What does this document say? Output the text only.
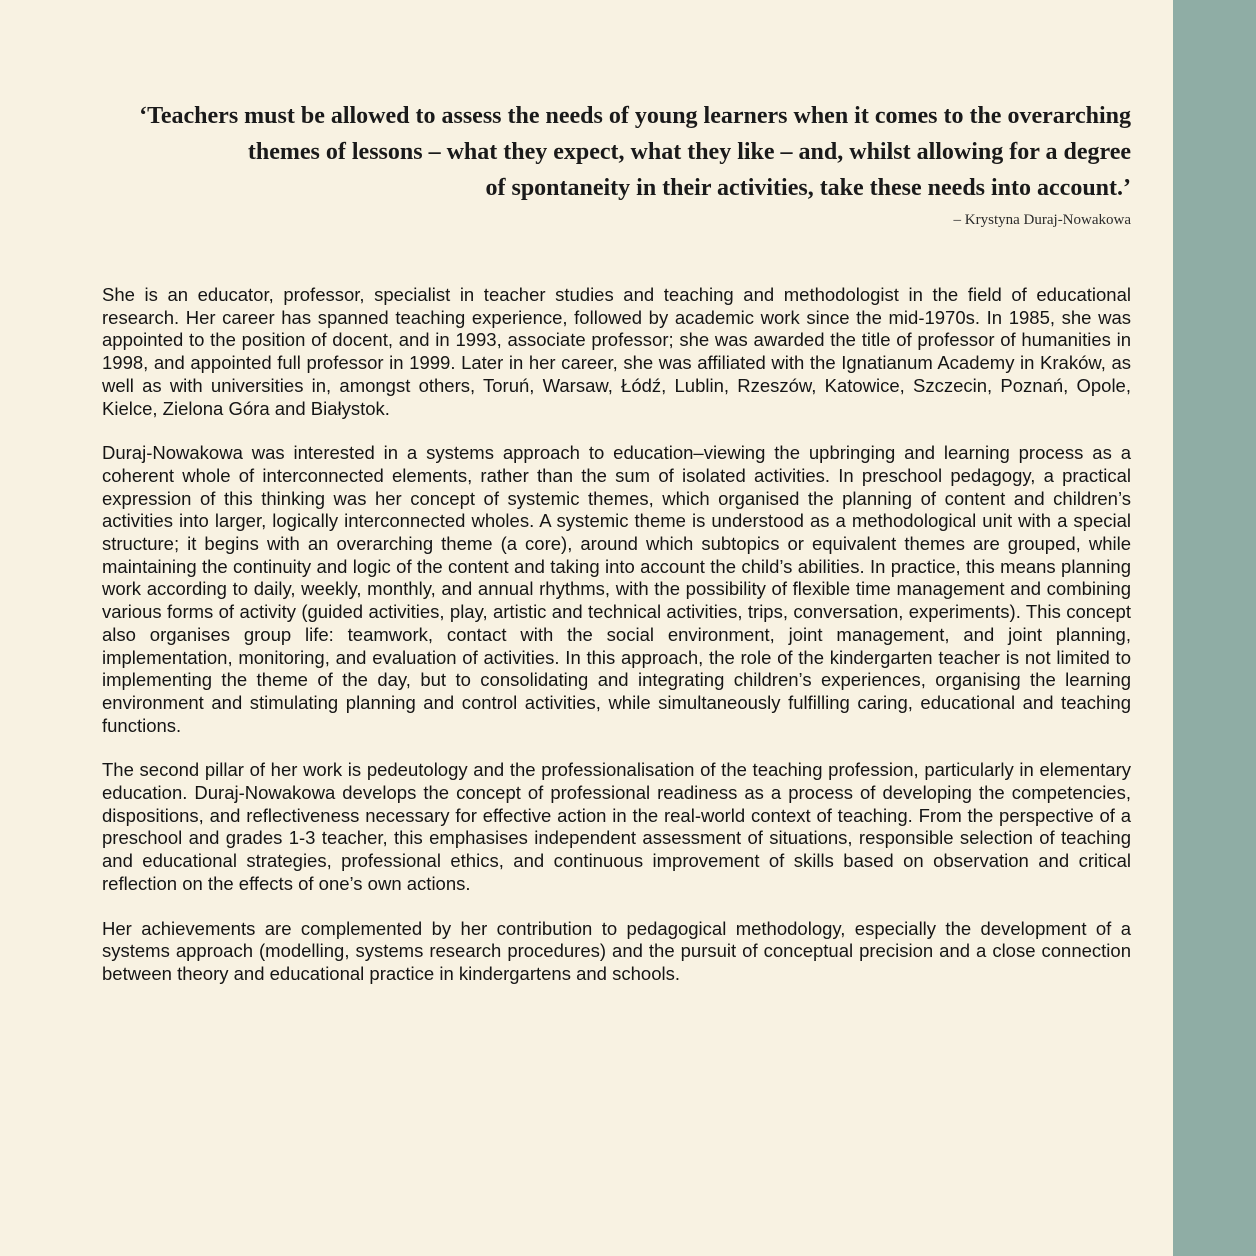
‘Teachers must be allowed to assess the needs of young learners when it comes to the overarching
themes of lessons – what they expect, what they like – and, whilst allowing for a degree
of spontaneity in their activities, take these needs into account.’
– Krystyna Duraj-Nowakowa

She is an educator, professor, specialist in teacher studies and teaching and methodologist in the field of educational research. Her career has spanned teaching experience, followed by academic work since the mid-1970s. In 1985, she was appointed to the position of docent, and in 1993, associate professor; she was awarded the title of professor of humanities in 1998, and appointed full professor in 1999. Later in her career, she was affiliated with the Ignatianum Academy in Kraków, as well as with universities in, amongst others, Toruń, Warsaw, Łódź, Lublin, Rzeszów, Katowice, Szczecin, Poznań, Opole, Kielce, Zielona Góra and Białystok.

Duraj-Nowakowa was interested in a systems approach to education–viewing the upbringing and learning process as a coherent whole of interconnected elements, rather than the sum of isolated activities. In preschool pedagogy, a practical expression of this thinking was her concept of systemic themes, which organised the planning of content and children’s activities into larger, logically interconnected wholes. A systemic theme is understood as a methodological unit with a special structure; it begins with an overarching theme (a core), around which subtopics or equivalent themes are grouped, while maintaining the continuity and logic of the content and taking into account the child’s abilities. In practice, this means planning work according to daily, weekly, monthly, and annual rhythms, with the possibility of flexible time management and combining various forms of activity (guided activities, play, artistic and technical activities, trips, conversation, experiments). This concept also organises group life: teamwork, contact with the social environment, joint management, and joint planning, implementation, monitoring, and evaluation of activities. In this approach, the role of the kindergarten teacher is not limited to implementing the theme of the day, but to consolidating and integrating children’s experiences, organising the learning environment and stimulating planning and control activities, while simultaneously fulfilling caring, educational and teaching functions.

The second pillar of her work is pedeutology and the professionalisation of the teaching profession, particularly in elementary education. Duraj-Nowakowa develops the concept of professional readiness as a process of developing the competencies, dispositions, and reflectiveness necessary for effective action in the real-world context of teaching. From the perspective of a preschool and grades 1-3 teacher, this emphasises independent assessment of situations, responsible selection of teaching and educational strategies, professional ethics, and continuous improvement of skills based on observation and critical reflection on the effects of one’s own actions.

Her achievements are complemented by her contribution to pedagogical methodology, especially the development of a systems approach (modelling, systems research procedures) and the pursuit of conceptual precision and a close connection between theory and educational practice in kindergartens and schools.
